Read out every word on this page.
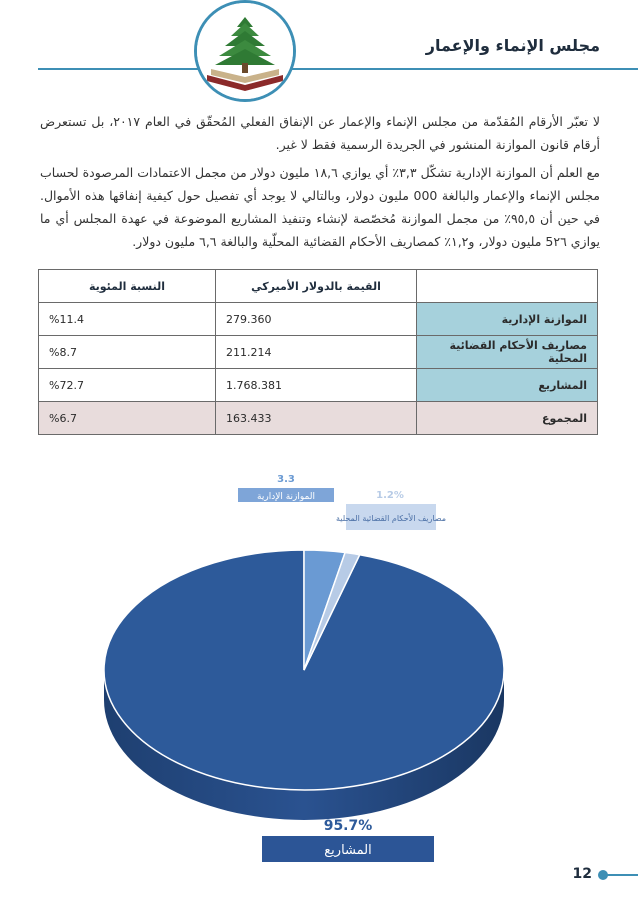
مجلس الإنماء والإعمار
لا تعبّر الأرقام المُقدّمة من مجلس الإنماء والإعمار عن الإنفاق الفعلي المُحقّق في العام ٢٠١٧، بل تستعرض أرقام قانون الموازنة المنشور في الجريدة الرسمية فقط لا غير.
مع العلم أن الموازنة الإدارية تشكّل ٣,٣٪ أي يوازي ١٨,٦ مليون دولار من مجمل الاعتمادات المرصودة لحساب مجلس الإنماء والإعمار والبالغة 000 مليون دولار، وبالتالي لا يوجد أي تفصيل حول كيفية إنفاقها هذه الأموال. في حين أن ٩٥,٥٪ من مجمل الموازنة مُخصّصة لإنشاء وتنفيذ المشاريع الموضوعة في عهدة المجلس أي ما يوازي 5٢٦ مليون دولار، و١,٢٪ كمصاريف الأحكام القضائية المحلّية والبالغة ٦,٦ مليون دولار.
	القيمة بالدولار الأميركي	النسبة المئوية
الموازنة الإدارية	279.360	%11.4
مصاريف الأحكام القضائية المحلية	211.214	%8.7
المشاريع	1.768.381	%72.7
المجموع	163.433	%6.7
3.3
الموازنة الإدارية
95.7%
المشاريع
1.2%
مصاريف الأحكام القضائية المحلية
12
